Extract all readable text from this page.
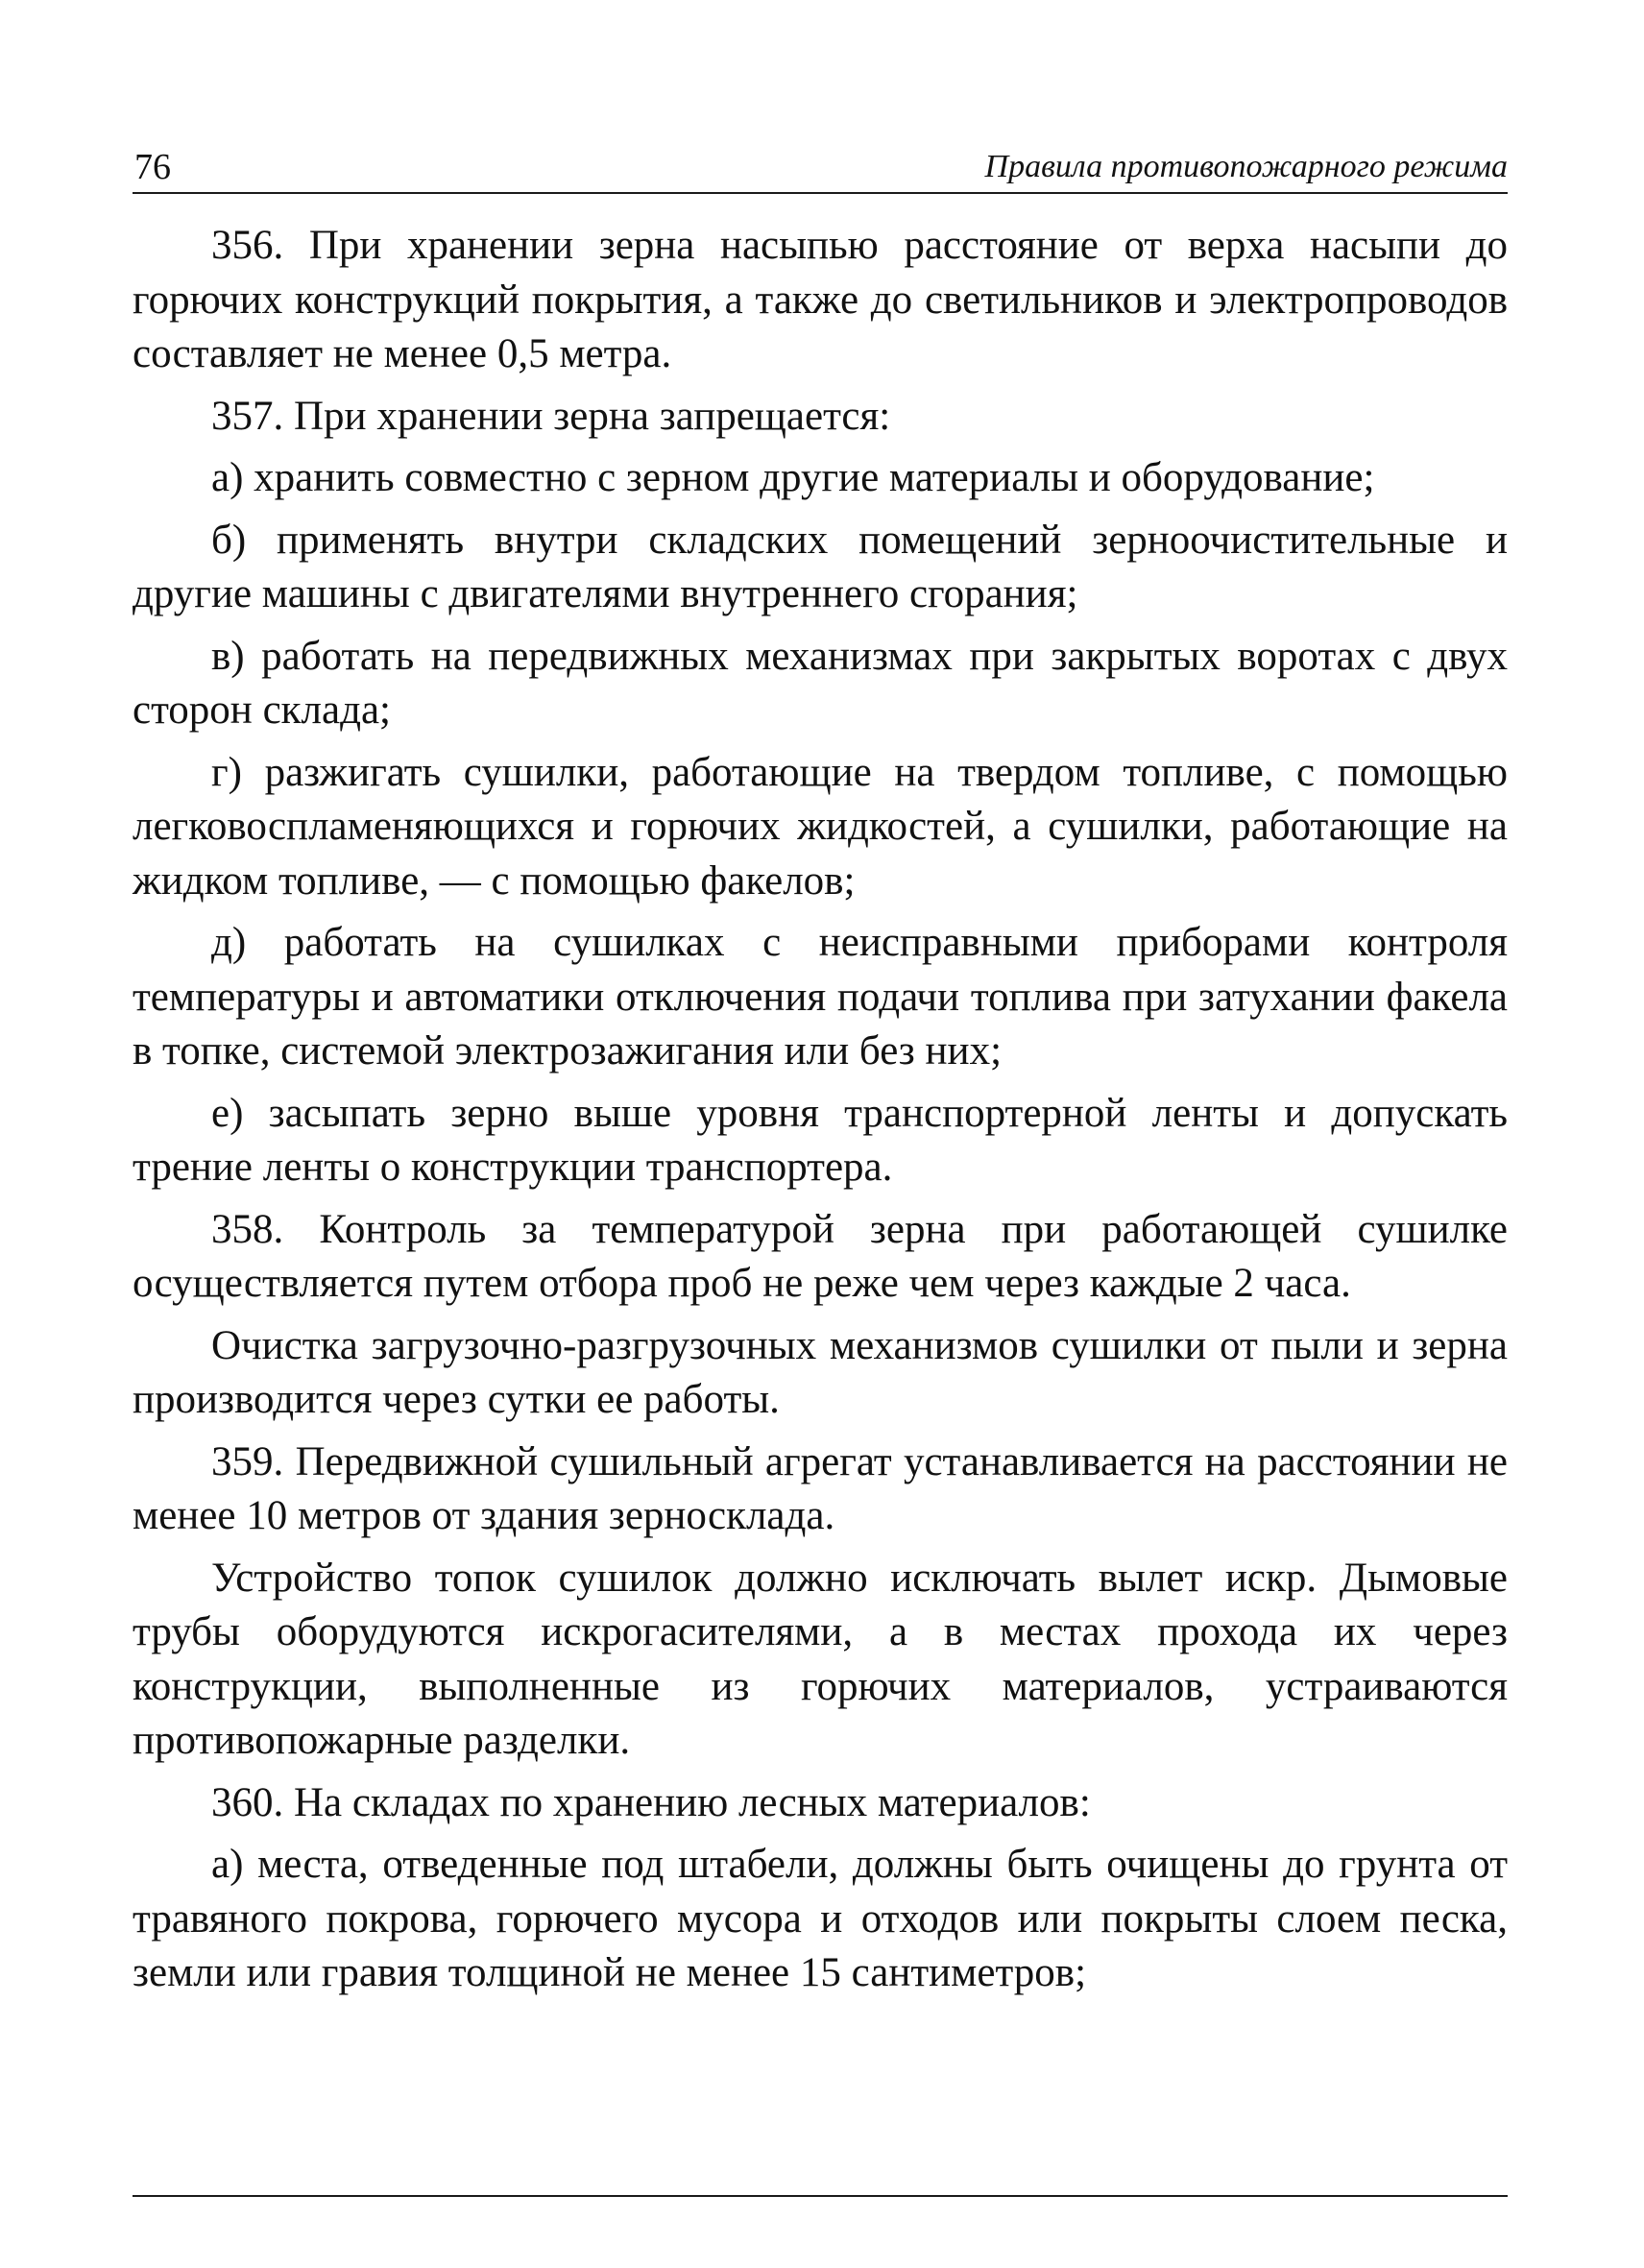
76	Правила противопожарного режима

356. При хранении зерна насыпью расстояние от верха насыпи до горючих конструкций покрытия, а также до светильников и электропроводов составляет не менее 0,5 метра.

357. При хранении зерна запрещается:

а) хранить совместно с зерном другие материалы и оборудование;

б) применять внутри складских помещений зерноочистительные и другие машины с двигателями внутреннего сгорания;

в) работать на передвижных механизмах при закрытых воротах с двух сторон склада;

г) разжигать сушилки, работающие на твердом топливе, с помощью легковоспламеняющихся и горючих жидкостей, а сушилки, работающие на жидком топливе, — с помощью факелов;

д) работать на сушилках с неисправными приборами контроля температуры и автоматики отключения подачи топлива при затухании факела в топке, системой электрозажигания или без них;

е) засыпать зерно выше уровня транспортерной ленты и допускать трение ленты о конструкции транспортера.

358. Контроль за температурой зерна при работающей сушилке осуществляется путем отбора проб не реже чем через каждые 2 часа.

Очистка загрузочно-разгрузочных механизмов сушилки от пыли и зерна производится через сутки ее работы.

359. Передвижной сушильный агрегат устанавливается на расстоянии не менее 10 метров от здания зерносклада.

Устройство топок сушилок должно исключать вылет искр. Дымовые трубы оборудуются искрогасителями, а в местах прохода их через конструкции, выполненные из горючих материалов, устраиваются противопожарные разделки.

360. На складах по хранению лесных материалов:

а) места, отведенные под штабели, должны быть очищены до грунта от травяного покрова, горючего мусора и отходов или покрыты слоем песка, земли или гравия толщиной не менее 15 сантиметров;
